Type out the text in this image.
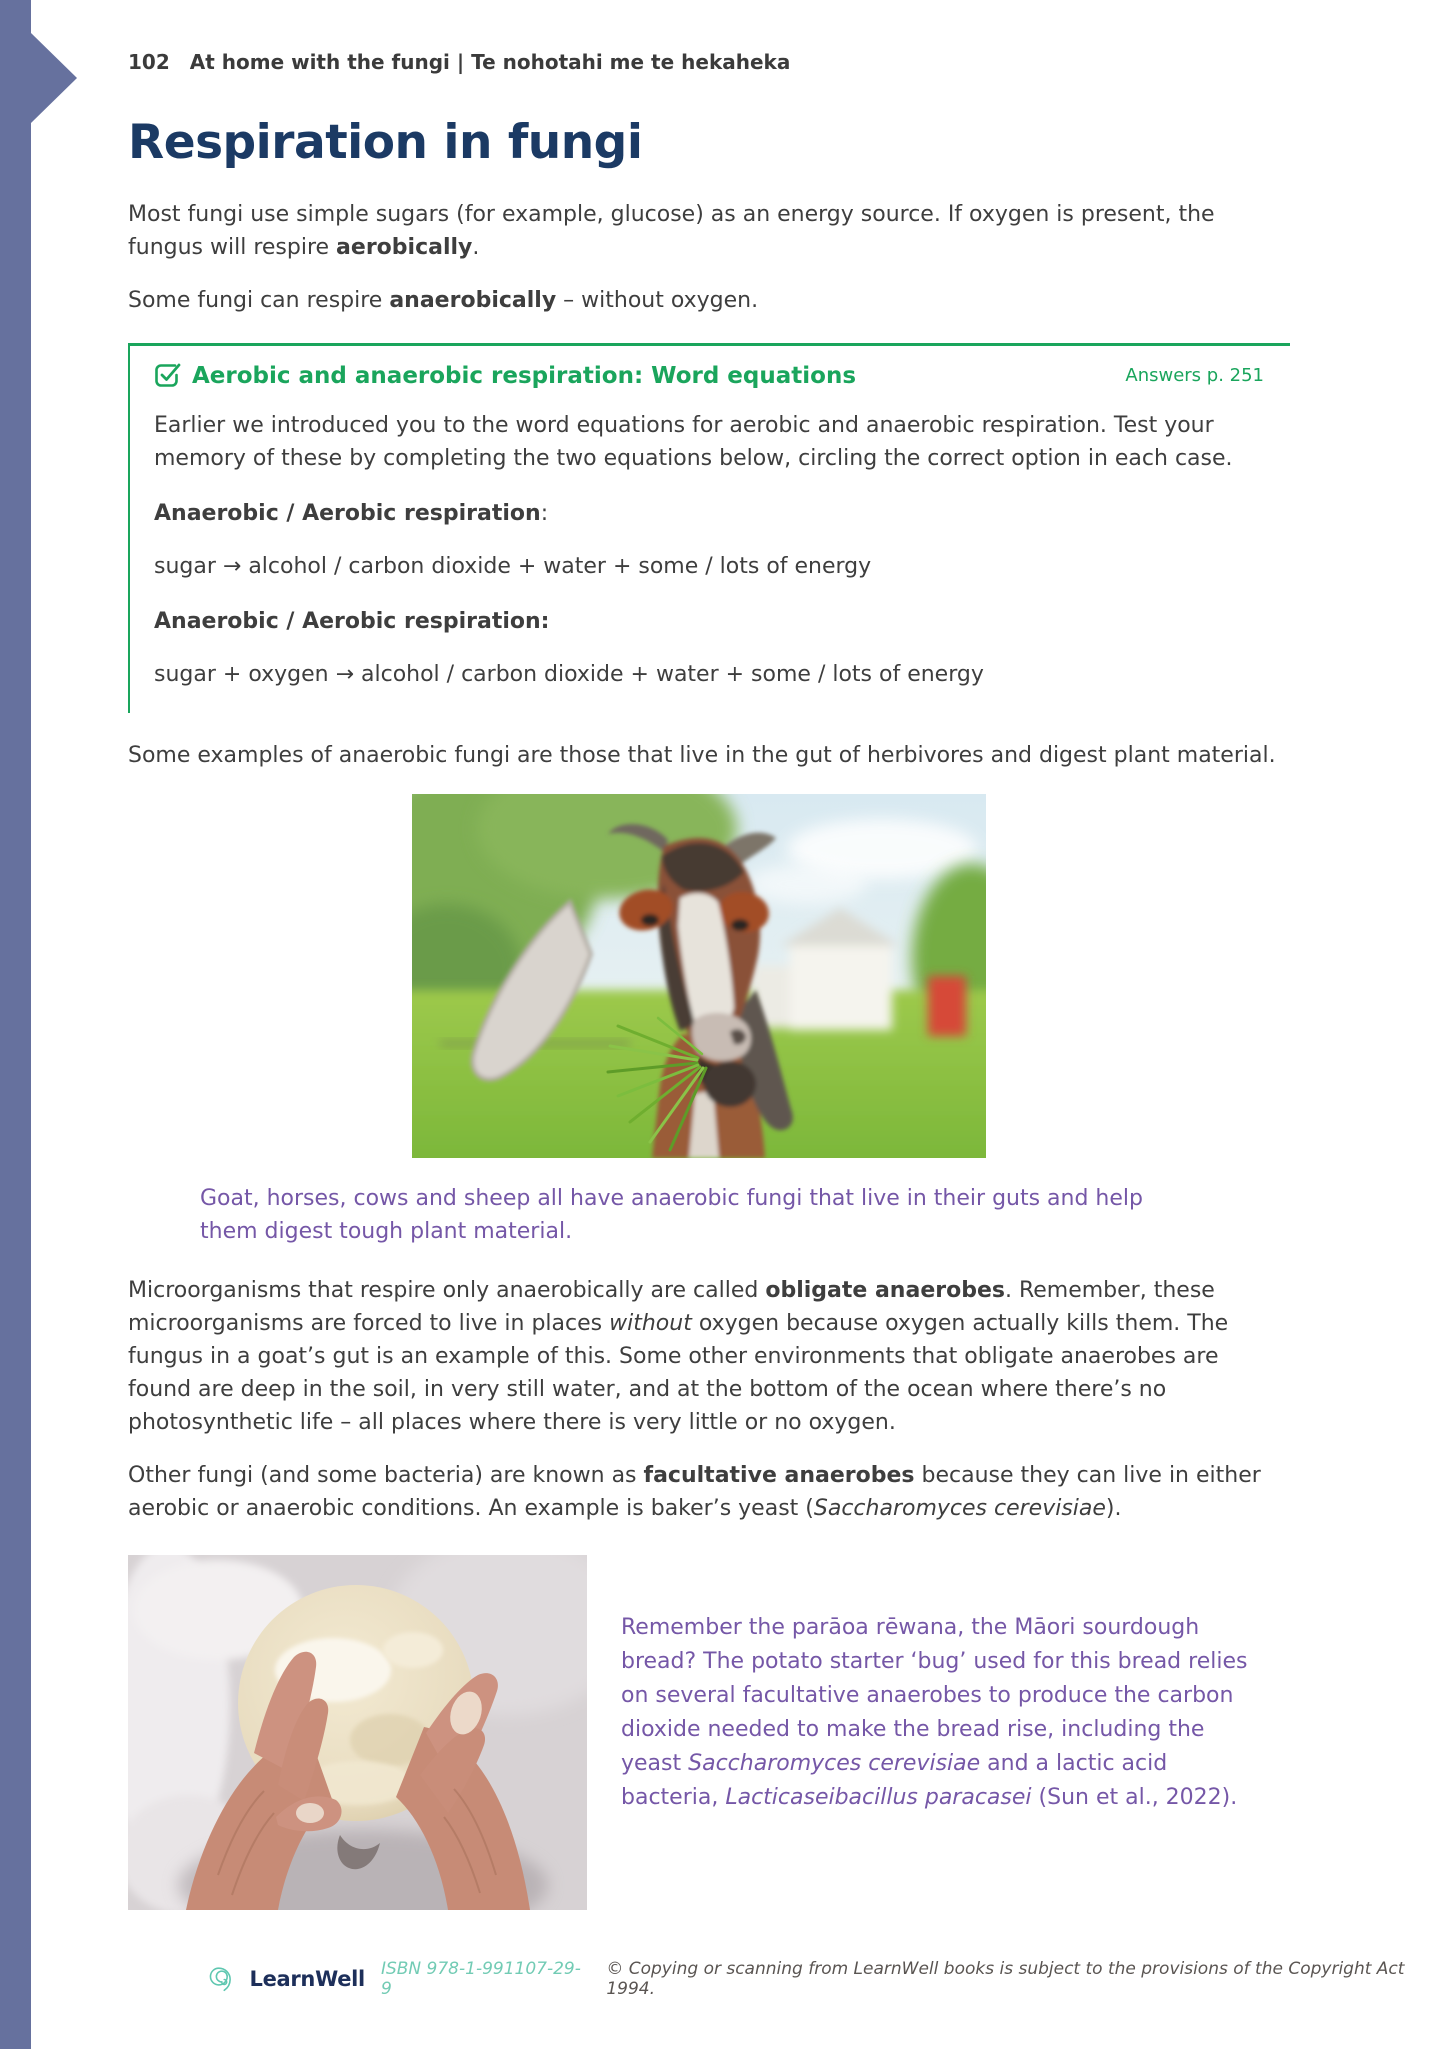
102 At home with the fungi | Te nohotahi me te hekaheka
Respiration in fungi

Most fungi use simple sugars (for example, glucose) as an energy source. If oxygen is present, the fungus will respire aerobically.

Some fungi can respire anaerobically – without oxygen.

Aerobic and anaerobic respiration: Word equations	Answers p. 251

Earlier we introduced you to the word equations for aerobic and anaerobic respiration. Test your memory of these by completing the two equations below, circling the correct option in each case.

Anaerobic / Aerobic respiration:

sugar → alcohol / carbon dioxide + water + some / lots of energy

Anaerobic / Aerobic respiration:

sugar + oxygen → alcohol / carbon dioxide + water + some / lots of energy

Some examples of anaerobic fungi are those that live in the gut of herbivores and digest plant material.

Goat, horses, cows and sheep all have anaerobic fungi that live in their guts and help them digest tough plant material.

Microorganisms that respire only anaerobically are called obligate anaerobes. Remember, these microorganisms are forced to live in places without oxygen because oxygen actually kills them. The fungus in a goat’s gut is an example of this. Some other environments that obligate anaerobes are found are deep in the soil, in very still water, and at the bottom of the ocean where there’s no photosynthetic life – all places where there is very little or no oxygen.

Other fungi (and some bacteria) are known as facultative anaerobes because they can live in either aerobic or anaerobic conditions. An example is baker’s yeast (Saccharomyces cerevisiae).

Remember the parāoa rēwana, the Māori sourdough bread? The potato starter ‘bug’ used for this bread relies on several facultative anaerobes to produce the carbon dioxide needed to make the bread rise, including the yeast Saccharomyces cerevisiae and a lactic acid bacteria, Lacticaseibacillus paracasei (Sun et al., 2022).
LearnWell ISBN 978-1-991107-29-9
© Copying or scanning from LearnWell books is subject to the provisions of the Copyright Act 1994.
